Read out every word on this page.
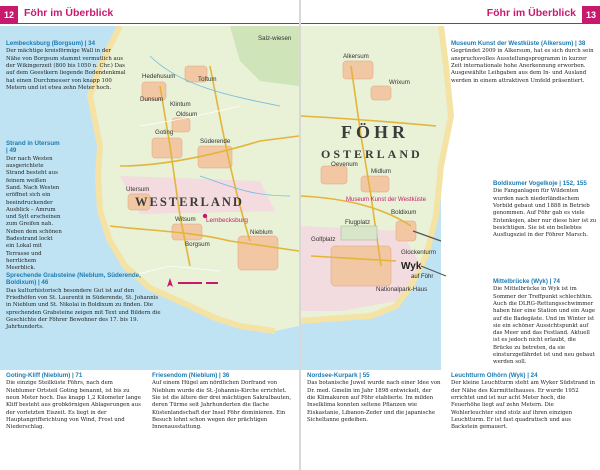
12 Föhr im Überblick
Salz-wiesen
Toftum
Hedehusum
Oldsum
Klintum
Dunsum
Goting
Utersum
Borgsum
Süderende
Witsum
Nieblum
WESTERLAND
Lembecksburg
Lembecksburg (Borgsum) | 34
Der mächtige kreisförmige Wall in der Nähe von Borgsum stammt vermutlich aus der Wikingerzeit (800 bis 1050 n. Chr.) Das auf dem Geestkern liegende Bodendenkmal hat einen Durchmesser von knapp 100 Metern und ist etwa zehn Meter hoch.
Strand in Utersum | 49
Der nach Westen ausgerichtete Strand besteht aus feinem weißen Sand. Nach Westen eröffnet sich ein beeindruckender Ausblick – Amrum und Sylt erscheinen zum Greifen nah. Neben dem schönen Badestrand lockt ein Lokal mit Terrasse und herrlichem Meerblick.
Sprechende Grabsteine (Nieblum, Süderende, Boldixum) | 46
Das kulturhistorisch besondere Gut ist auf den Friedhöfen von St. Laurentii in Süderende, St. Johannis in Nieblum und St. Nikolai in Boldixum zu finden. Die sprechenden Grabsteine zeigen mit Text und Bildern die Geschichte der Föhrer Bewohner des 17. bis 19. Jahrhunderts.
Goting-Kliff (Nieblum) | 71
Die einzige Steilküste Föhrs, nach dem Nieblumer Ortsteil Goting benannt, ist bis zu neun Meter hoch. Das knapp 1,2 Kilometer lange Kliff besteht aus grobkörnigen Ablagerungen aus der vorletzten Eiszeit. Es liegt in der Hauptangriffsrichtung von Wind, Frost und Niederschlag.
Friesendom (Nieblum) | 36
Auf einem Hügel am nördlichen Dorfrand von Nieblum wurde die St.-Johannis-Kirche errichtet. Sie ist die ältere der drei mächtigen Sakralbauten, deren Türme seit Jahrhunderten die flache Küstenlandschaft der Insel Föhr dominieren. Ein Besuch lohnt schon wegen der prächtigen Innenausstattung.
13
Föhr im Überblick
Alkersum
Oevenum
Midlum
Wrixum
Boldixum
Flugplatz
Golfplatz
Glockenturm
Nationalpark-Haus
FÖHR
OSTERLAND
Wyk
auf Föhr
Museum Kunst der Westküste
Museum Kunst der Westküste (Alkersum) | 38
Gegründet 2009 in Alkersum, hat es sich durch sein anspruchsvolles Ausstellungsprogramm in kurzer Zeit internationale hohe Anerkennung erworben. Ausgewählte Leihgaben aus dem In- und Ausland werden in einem attraktiven Umfeld präsentiert.
Boldixumer Vogelkoje | 152, 155
Die Fanganlagen für Wildenten wurden nach niederländischem Vorbild gebaut und 1888 in Betrieb genommen. Auf Föhr gab es viele Entenkojen, aber nur diese hier ist zu besichtigen. Sie ist ein beliebtes Ausflugsziel in der Föhrer Marsch.
Mittelbrücke (Wyk) | 74
Die Mittelbrücke in Wyk ist im Sommer der Treffpunkt schlechthin. Auch die DLRG-Rettungsschwimmer haben hier eine Station und ein Auge auf die Badegäste. Und im Winter ist sie ein schöner Aussichtspunkt auf das Meer und das Festland. Aktuell ist es jedoch nicht erlaubt, die Brücke zu betreten, da sie einsturzgefährdet ist und neu gebaut werden soll.
Nordsee-Kurpark | 55
Das botanische Juwel wurde nach einer Idee von Dr. med. Gmelin im Jahr 1898 entwickelt, der die Klimakuren auf Föhr etablierte. Im milden Inselklima konnten seltene Pflanzen wie Eiskastanie, Libanon-Zeder und die japanische Sicheltanne gedeihen.
Leuchtturm Olhörn (Wyk) | 24
Der kleine Leuchtturm steht am Wyker Südstrand in der Nähe des Kurmittelhauses. Er wurde 1952 errichtet und ist nur acht Meter hoch, die Feuerhöhe liegt auf zehn Metern. Die Wohlerleuchter sind stolz auf ihren einzigen Leuchtturm. Er ist fast quadratisch und aus Backstein gemauert.
